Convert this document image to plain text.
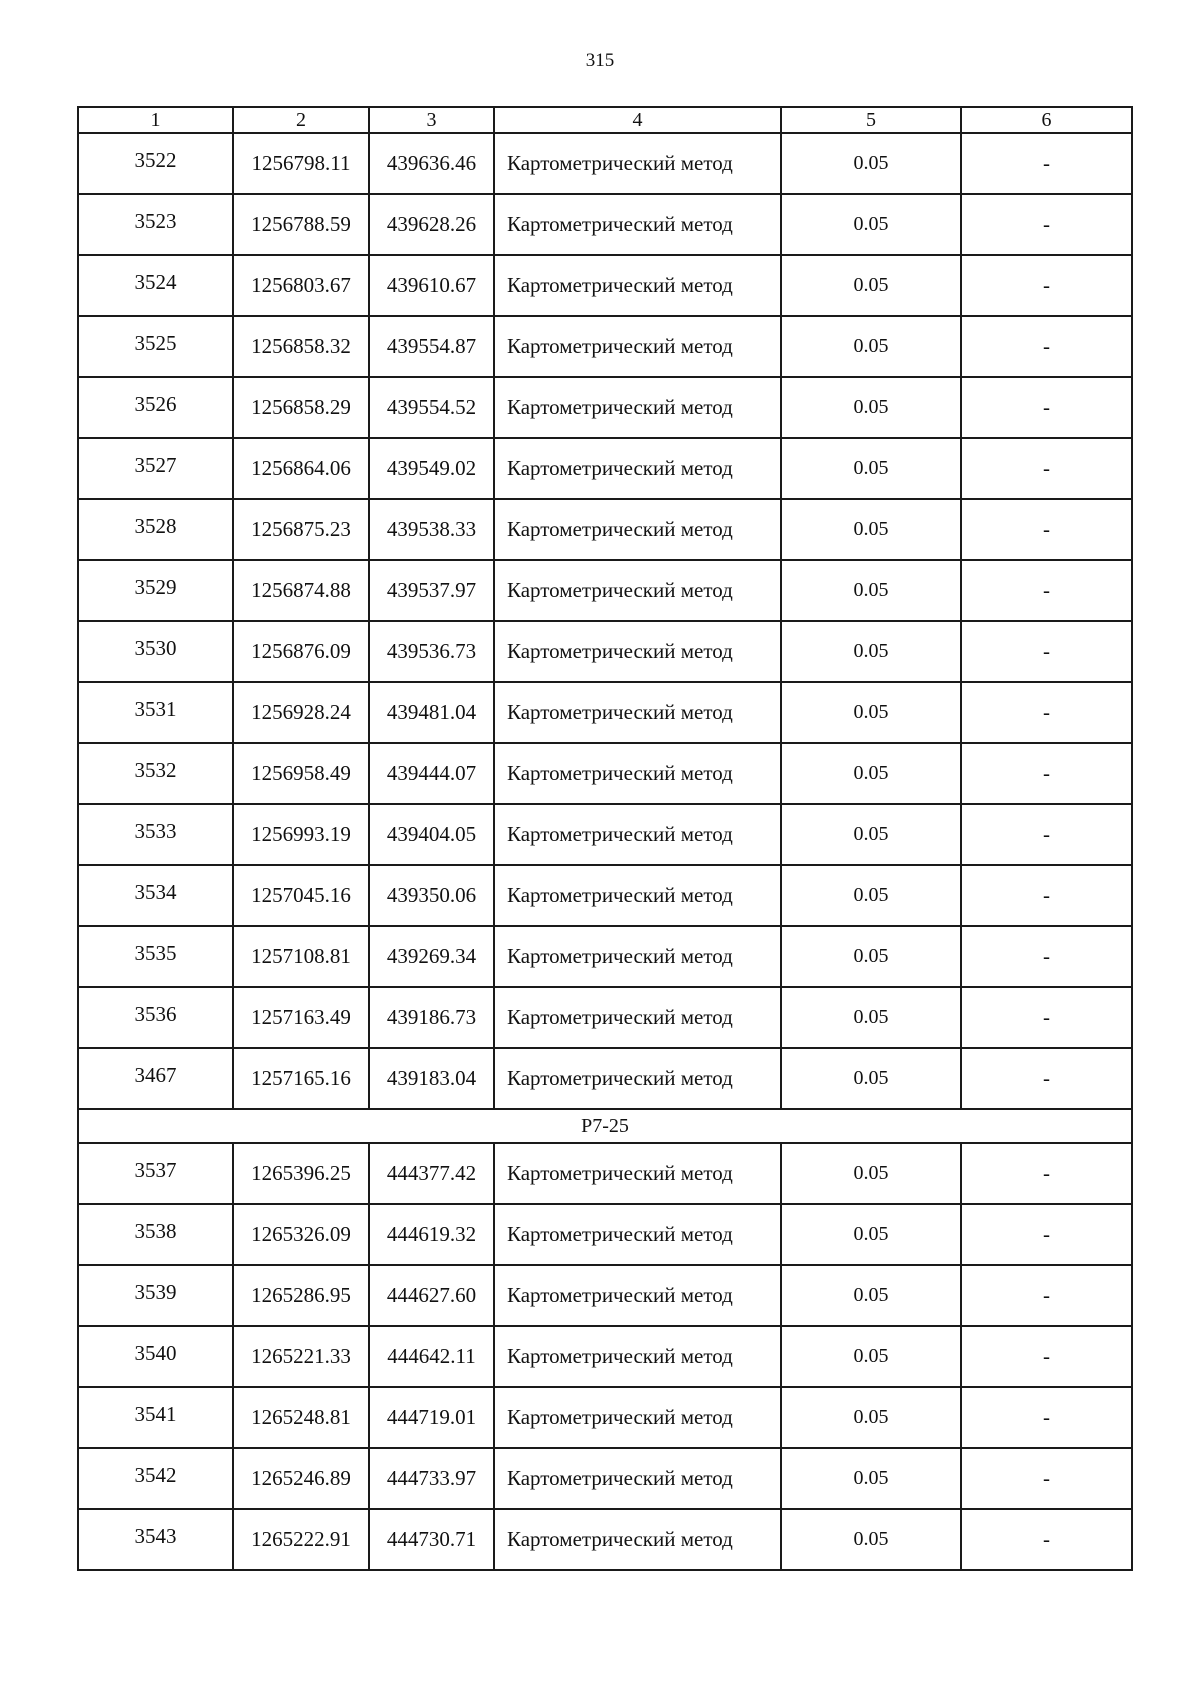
315
1	2	3	4	5	6
3522	1256798.11	439636.46	Картометрический метод	0.05	-
3523	1256788.59	439628.26	Картометрический метод	0.05	-
3524	1256803.67	439610.67	Картометрический метод	0.05	-
3525	1256858.32	439554.87	Картометрический метод	0.05	-
3526	1256858.29	439554.52	Картометрический метод	0.05	-
3527	1256864.06	439549.02	Картометрический метод	0.05	-
3528	1256875.23	439538.33	Картометрический метод	0.05	-
3529	1256874.88	439537.97	Картометрический метод	0.05	-
3530	1256876.09	439536.73	Картометрический метод	0.05	-
3531	1256928.24	439481.04	Картометрический метод	0.05	-
3532	1256958.49	439444.07	Картометрический метод	0.05	-
3533	1256993.19	439404.05	Картометрический метод	0.05	-
3534	1257045.16	439350.06	Картометрический метод	0.05	-
3535	1257108.81	439269.34	Картометрический метод	0.05	-
3536	1257163.49	439186.73	Картометрический метод	0.05	-
3467	1257165.16	439183.04	Картометрический метод	0.05	-
Р7-25					
3537	1265396.25	444377.42	Картометрический метод	0.05	-
3538	1265326.09	444619.32	Картометрический метод	0.05	-
3539	1265286.95	444627.60	Картометрический метод	0.05	-
3540	1265221.33	444642.11	Картометрический метод	0.05	-
3541	1265248.81	444719.01	Картометрический метод	0.05	-
3542	1265246.89	444733.97	Картометрический метод	0.05	-
3543	1265222.91	444730.71	Картометрический метод	0.05	-
